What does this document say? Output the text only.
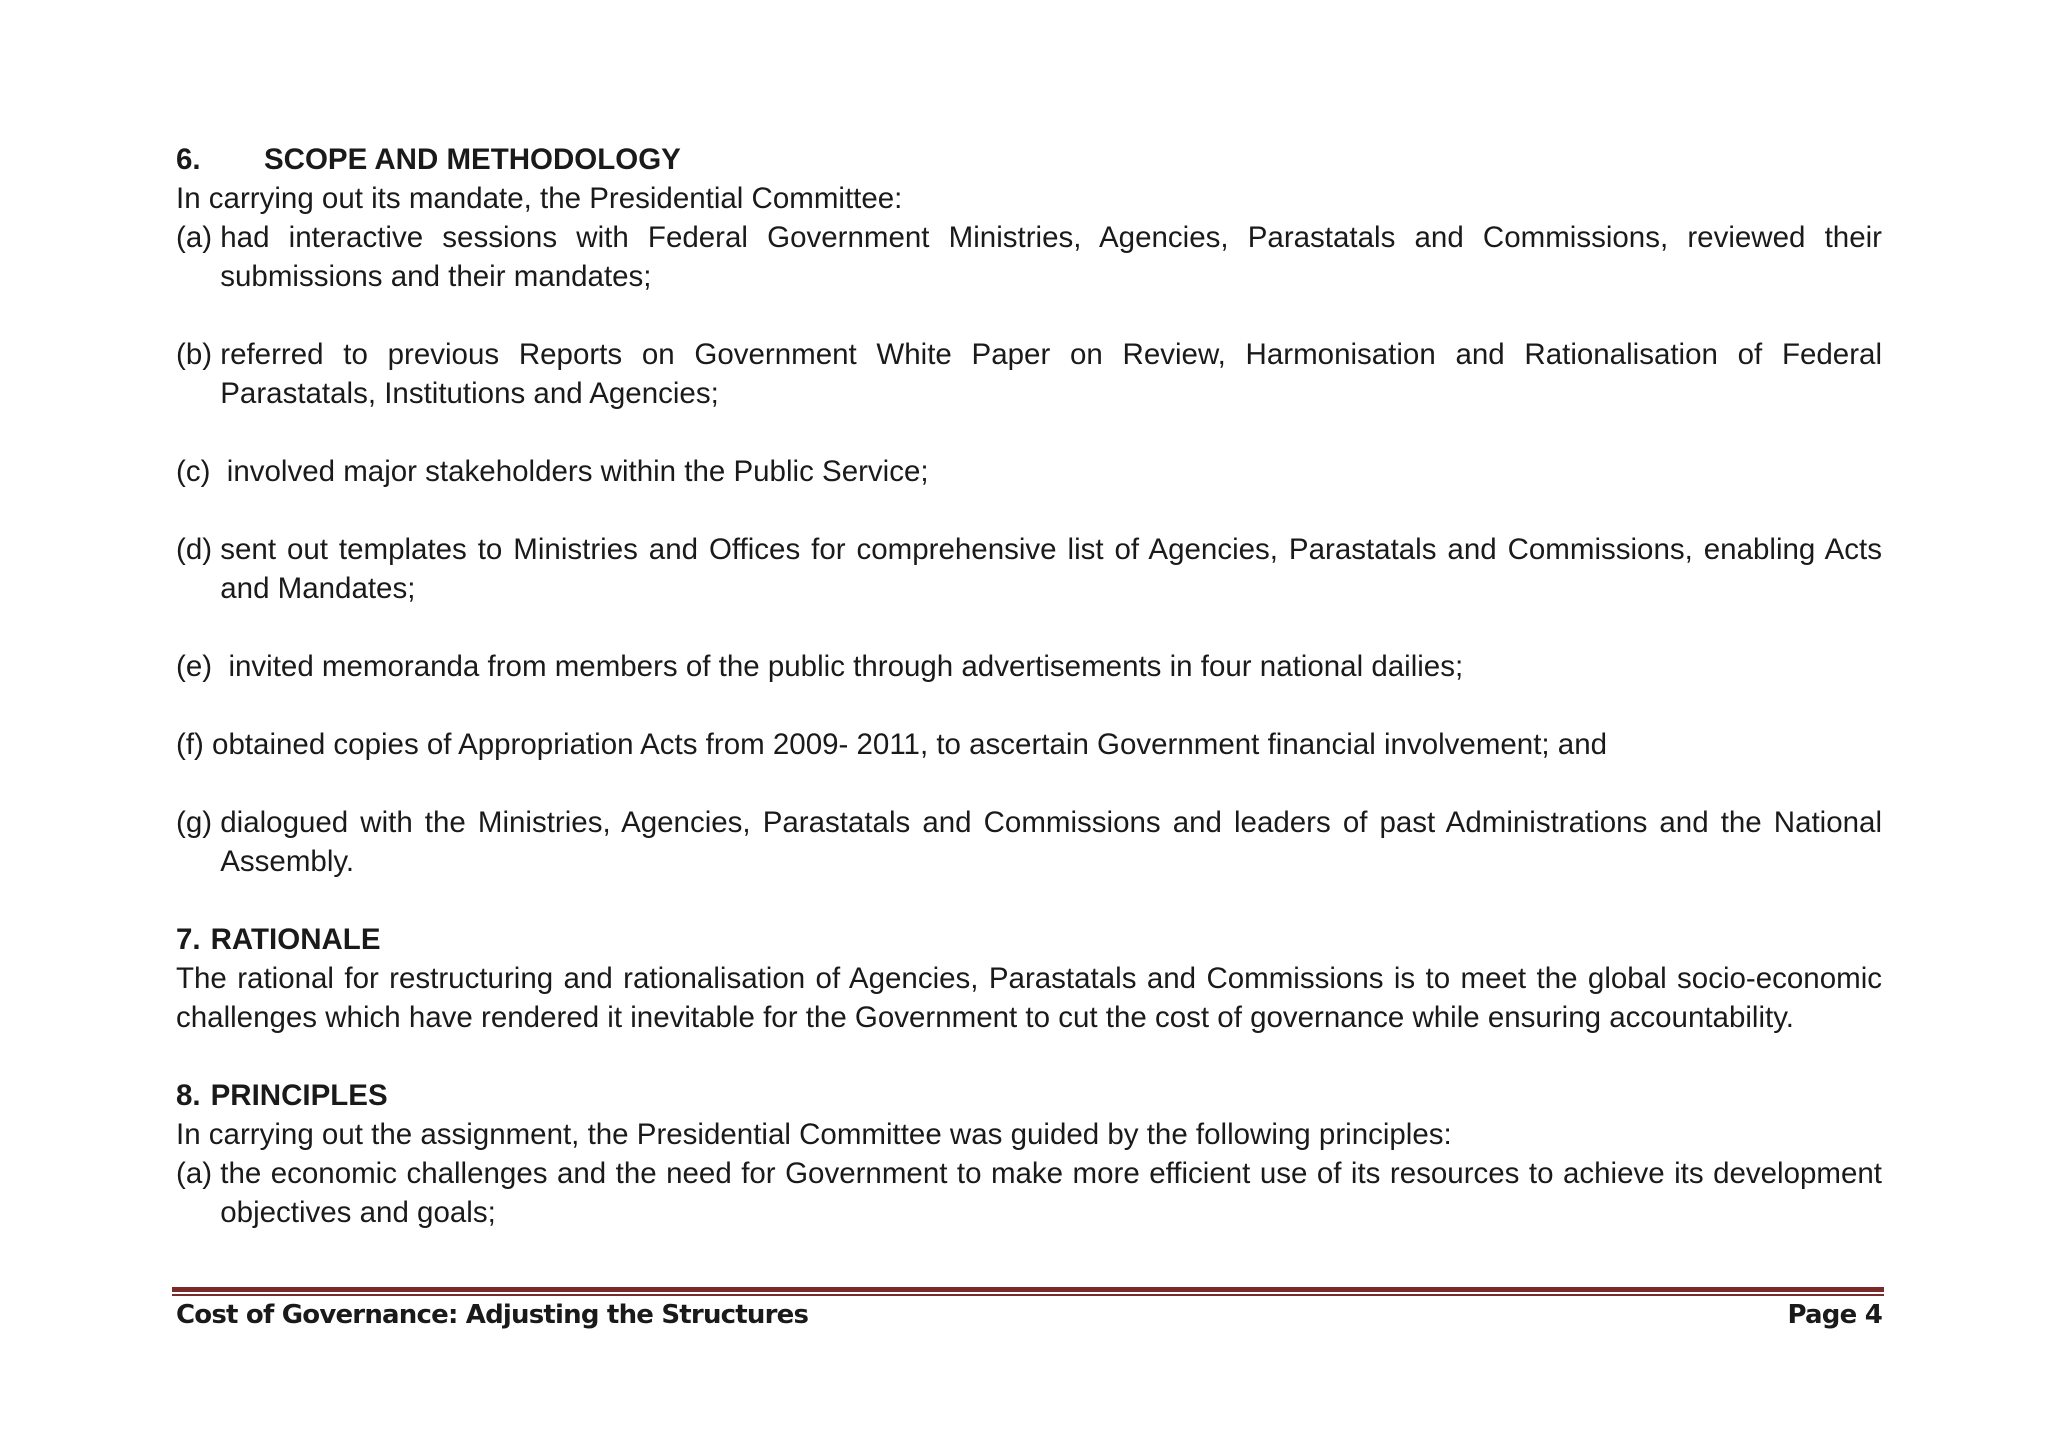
6. SCOPE AND METHODOLOGY

In carrying out its mandate, the Presidential Committee:

(a) had interactive sessions with Federal Government Ministries, Agencies, Parastatals and Commissions, reviewed their submissions and their mandates;
(b) referred to previous Reports on Government White Paper on Review, Harmonisation and Rationalisation of Federal Parastatals, Institutions and Agencies;
(c) involved major stakeholders within the Public Service;
(d) sent out templates to Ministries and Offices for comprehensive list of Agencies, Parastatals and Commissions, enabling Acts and Mandates;
(e) invited memoranda from members of the public through advertisements in four national dailies;
(f) obtained copies of Appropriation Acts from 2009- 2011, to ascertain Government financial involvement; and
(g) dialogued with the Ministries, Agencies, Parastatals and Commissions and leaders of past Administrations and the National Assembly.

7. RATIONALE

The rational for restructuring and rationalisation of Agencies, Parastatals and Commissions is to meet the global socio-economic challenges which have rendered it inevitable for the Government to cut the cost of governance while ensuring accountability.

8. PRINCIPLES

In carrying out the assignment, the Presidential Committee was guided by the following principles:

(a) the economic challenges and the need for Government to make more efficient use of its resources to achieve its development objectives and goals;
Cost of Governance: Adjusting the Structures	Page 4
